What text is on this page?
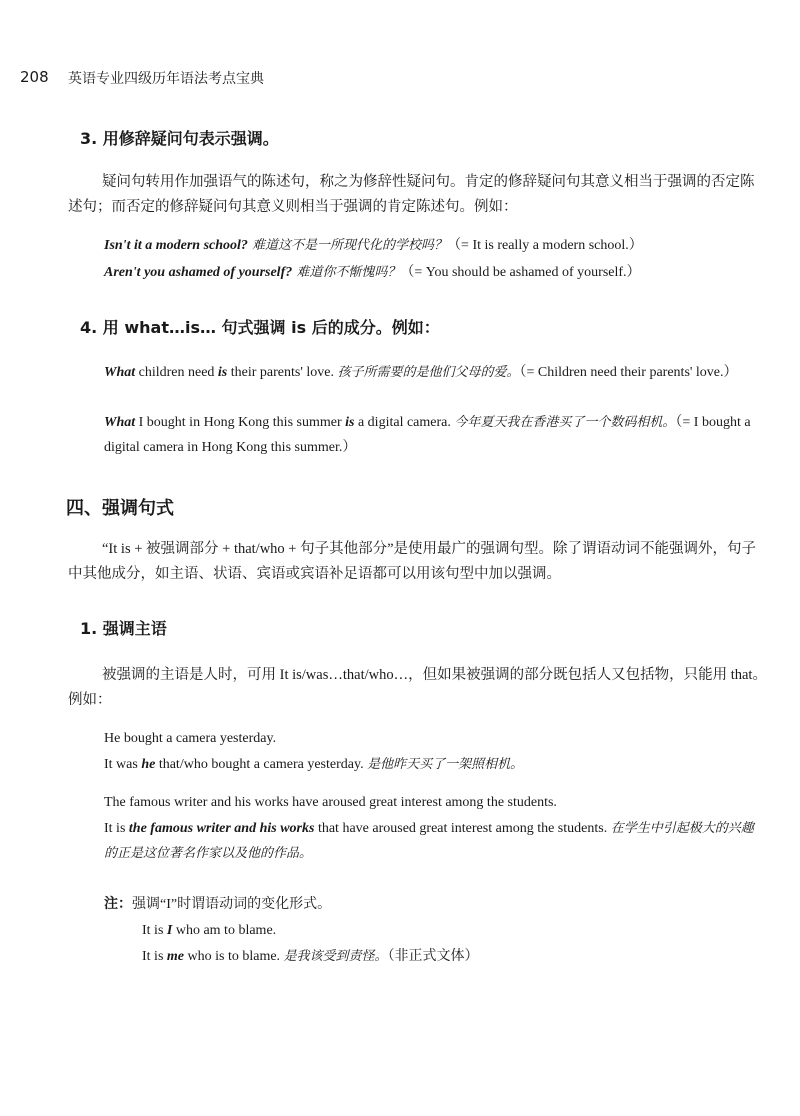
208 英语专业四级历年语法考点宝典
3. 用修辞疑问句表示强调。
疑问句转用作加强语气的陈述句，称之为修辞性疑问句。肯定的修辞疑问句其意义相当于强调的否定陈述句；而否定的修辞疑问句其意义则相当于强调的肯定陈述句。例如：
Isn't it a modern school? 难道这不是一所现代化的学校吗？（= It is really a modern school.）
Aren't you ashamed of yourself? 难道你不惭愧吗？（= You should be ashamed of yourself.）
4. 用 what…is… 句式强调 is 后的成分。例如：
What children need is their parents' love. 孩子所需要的是他们父母的爱。（= Children need their parents' love.）
What I bought in Hong Kong this summer is a digital camera. 今年夏天我在香港买了一个数码相机。（= I bought a digital camera in Hong Kong this summer.）
四、强调句式
“It is + 被强调部分 + that/who + 句子其他部分”是使用最广的强调句型。除了谓语动词不能强调外，句子中其他成分，如主语、状语、宾语或宾语补足语都可以用该句型中加以强调。
1. 强调主语
被强调的主语是人时，可用 It is/was…that/who…，但如果被强调的部分既包括人又包括物，只能用 that。例如：
He bought a camera yesterday.
It was he that/who bought a camera yesterday. 是他昨天买了一架照相机。
The famous writer and his works have aroused great interest among the students.
It is the famous writer and his works that have aroused great interest among the students. 在学生中引起极大的兴趣的正是这位著名作家以及他的作品。
注：强调“I”时谓语动词的变化形式。
It is I who am to blame.
It is me who is to blame. 是我该受到责怪。（非正式文体）
